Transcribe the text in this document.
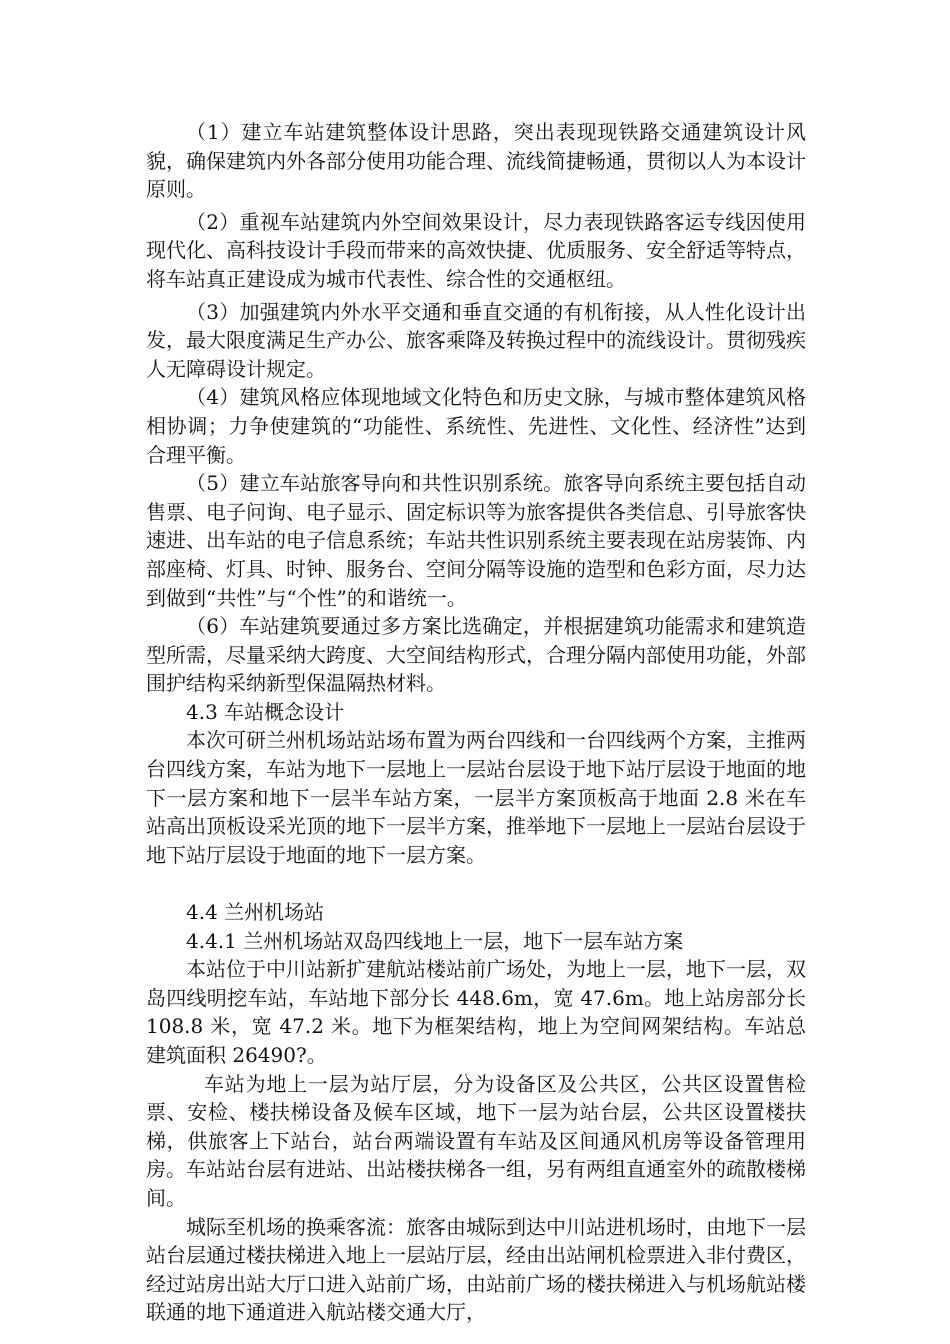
（1）建立车站建筑整体设计思路，突出表现现铁路交通建筑设计风貌，确保建筑内外各部分使用功能合理、流线简捷畅通，贯彻以人为本设计原则。

（2）重视车站建筑内外空间效果设计，尽力表现铁路客运专线因使用现代化、高科技设计手段而带来的高效快捷、优质服务、安全舒适等特点，将车站真正建设成为城市代表性、综合性的交通枢纽。

（3）加强建筑内外水平交通和垂直交通的有机衔接，从人性化设计出发，最大限度满足生产办公、旅客乘降及转换过程中的流线设计。贯彻残疾人无障碍设计规定。

（4）建筑风格应体现地域文化特色和历史文脉，与城市整体建筑风格相协调；力争使建筑的“功能性、系统性、先进性、文化性、经济性”达到合理平衡。

（5）建立车站旅客导向和共性识别系统。旅客导向系统主要包括自动售票、电子问询、电子显示、固定标识等为旅客提供各类信息、引导旅客快速进、出车站的电子信息系统；车站共性识别系统主要表现在站房装饰、内部座椅、灯具、时钟、服务台、空间分隔等设施的造型和色彩方面，尽力达到做到“共性”与“个性”的和谐统一。

（6）车站建筑要通过多方案比选确定，并根据建筑功能需求和建筑造型所需，尽量采纳大跨度、大空间结构形式，合理分隔内部使用功能，外部围护结构采纳新型保温隔热材料。

4.3 车站概念设计

本次可研兰州机场站站场布置为两台四线和一台四线两个方案，主推两台四线方案，车站为地下一层地上一层站台层设于地下站厅层设于地面的地下一层方案和地下一层半车站方案，一层半方案顶板高于地面 2.8 米在车站高出顶板设采光顶的地下一层半方案，推举地下一层地上一层站台层设于地下站厅层设于地面的地下一层方案。

4.4 兰州机场站

4.4.1 兰州机场站双岛四线地上一层，地下一层车站方案

本站位于中川站新扩建航站楼站前广场处，为地上一层，地下一层，双岛四线明挖车站，车站地下部分长 448.6m，宽 47.6m。地上站房部分长 108.8 米，宽 47.2 米。地下为框架结构，地上为空间网架结构。车站总建筑面积 26490?。

车站为地上一层为站厅层，分为设备区及公共区，公共区设置售检票、安检、楼扶梯设备及候车区域，地下一层为站台层，公共区设置楼扶梯，供旅客上下站台，站台两端设置有车站及区间通风机房等设备管理用房。车站站台层有进站、出站楼扶梯各一组，另有两组直通室外的疏散楼梯间。

城际至机场的换乘客流：旅客由城际到达中川站进机场时，由地下一层站台层通过楼扶梯进入地上一层站厅层，经由出站闸机检票进入非付费区，经过站房出站大厅口进入站前广场，由站前广场的楼扶梯进入与机场航站楼联通的地下通道进入航站楼交通大厅，
